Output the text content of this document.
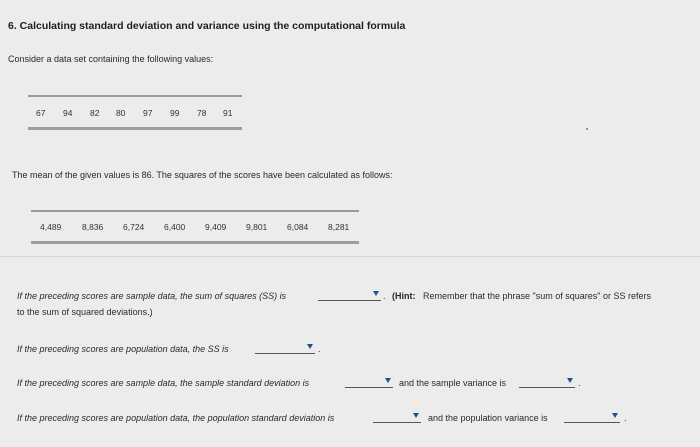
6. Calculating standard deviation and variance using the computational formula
Consider a data set containing the following values:
67	94	82	80	97	99	78	91
The mean of the given values is 86. The squares of the scores have been calculated as follows:
4,489	8,836	6,724	6,400	9,409	9,801	6,084	8,281
If the preceding scores are sample data, the sum of squares (SS) is	. (Hint: Remember that the phrase "sum of squares" or SS refers
to the sum of squared deviations.)
If the preceding scores are population data, the SS is	.
If the preceding scores are sample data, the sample standard deviation is	and the sample variance is	.
If the preceding scores are population data, the population standard deviation is	and the population variance is	.
